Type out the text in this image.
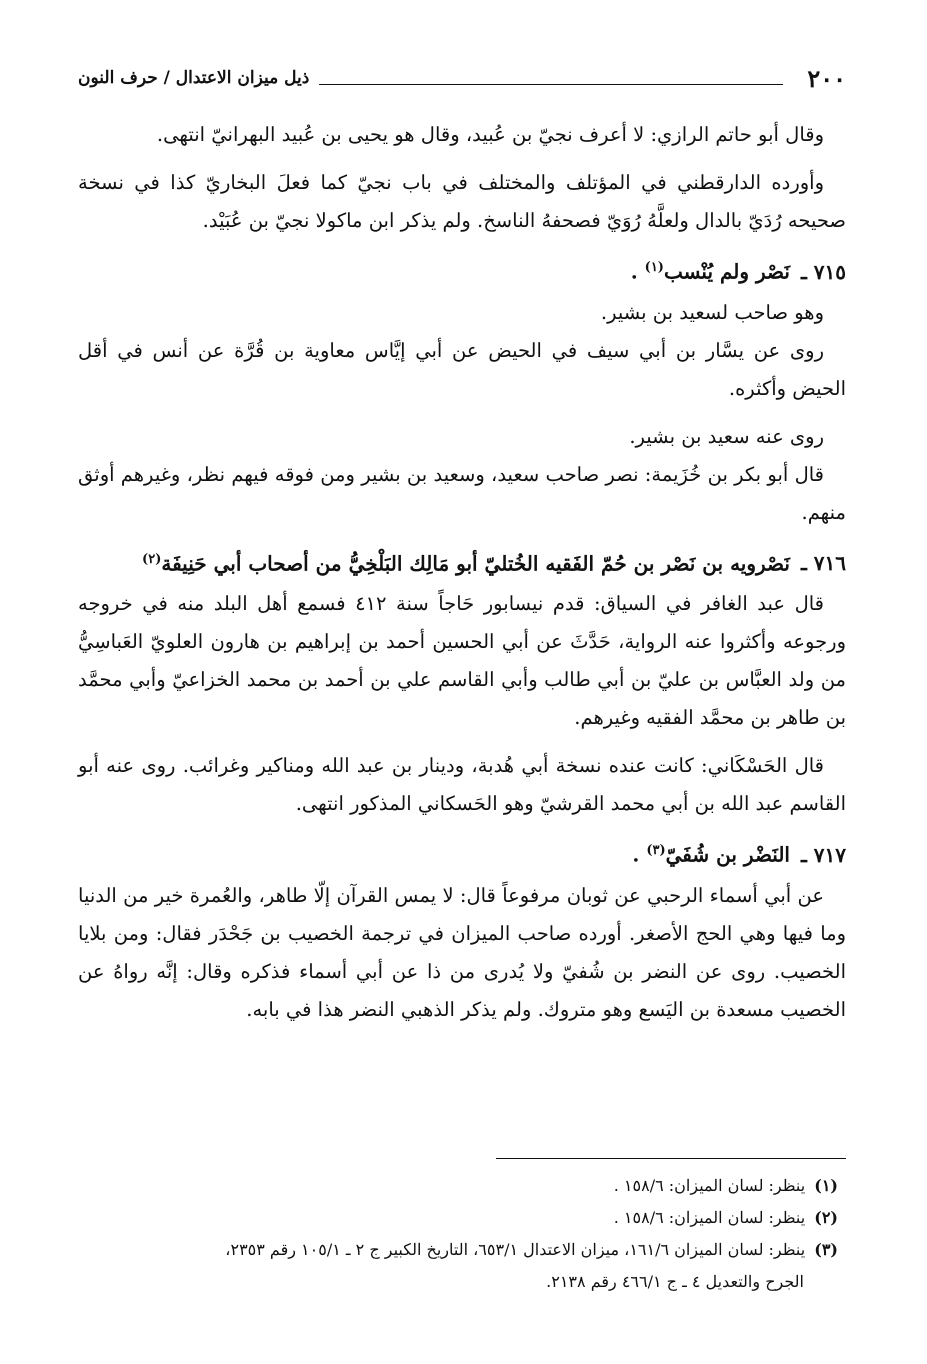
٢٠٠
ذيل ميزان الاعتدال / حرف النون

وقال أبو حاتم الرازي: لا أعرف نجيّ بن عُبيد، وقال هو يحيى بن عُبيد البهرانيّ انتهى.

وأورده الدارقطني في المؤتلف والمختلف في باب نجيّ كما فعلَ البخاريّ كذا في نسخة صحيحه رُدَيّ بالدال ولعلَّهُ رُوَيّ فصحفهُ الناسخ. ولم يذكر ابن ماكولا نجيّ بن عُبَيْد.

٧١٥ ـ نَصْر ولم يُنْسب$^{(١)}$ .

وهو صاحب لسعيد بن بشير.

روى عن يسَّار بن أبي سيف في الحيض عن أبي إيَّاس معاوية بن قُرَّة عن أنس في أقل الحيض وأكثره.

روى عنه سعيد بن بشير.

قال أبو بكر بن خُزَيمة: نصر صاحب سعيد، وسعيد بن بشير ومن فوقه فيهم نظر، وغيرهم أوثق منهم.

٧١٦ ـ نَصْرويه بن نَصْر بن حُمّ الفَقيه الخُتليّ أبو مَالِك البَلْخِيُّ من أصحاب أبي حَنِيفَة$^{(٢)}$

قال عبد الغافر في السياق: قدم نيسابور حَاجاً سنة ٤١٢ فسمع أهل البلد منه في خروجه ورجوعه وأكثروا عنه الرواية، حَدَّثَ عن أبي الحسين أحمد بن إبراهيم بن هارون العلويّ العَباسِيُّ من ولد العبَّاس بن عليّ بن أبي طالب وأبي القاسم علي بن أحمد بن محمد الخزاعيّ وأبي محمَّد بن طاهر بن محمَّد الفقيه وغيرهم.

قال الحَسْكَاني: كانت عنده نسخة أبي هُدبة، ودينار بن عبد الله ومناكير وغرائب. روى عنه أبو القاسم عبد الله بن أبي محمد القرشيّ وهو الحَسكاني المذكور انتهى.

٧١٧ ـ النَضْر بن شُفَيّ$^{(٣)}$ .

عن أبي أسماء الرحبي عن ثوبان مرفوعاً قال: لا يمس القرآن إلّا طاهر، والعُمرة خير من الدنيا وما فيها وهي الحج الأصغر. أورده صاحب الميزان في ترجمة الخصيب بن جَحْدَر فقال: ومن بلايا الخصيب. روى عن النضر بن شُفيّ ولا يُدرى من ذا عن أبي أسماء فذكره وقال: إنَّه رواهُ عن الخصيب مسعدة بن اليَسع وهو متروك. ولم يذكر الذهبي النضر هذا في بابه.

(١) ينظر: لسان الميزان: ١٥٨/٦ .

(٢) ينظر: لسان الميزان: ١٥٨/٦ .

(٣) ينظر: لسان الميزان ١٦١/٦، ميزان الاعتدال ٦٥٣/١، التاريخ الكبير ج ٢ ـ ١٠٥/١ رقم ٢٣٥٣،
الجرح والتعديل ٤ ـ ج ٤٦٦/١ رقم ٢١٣٨.
